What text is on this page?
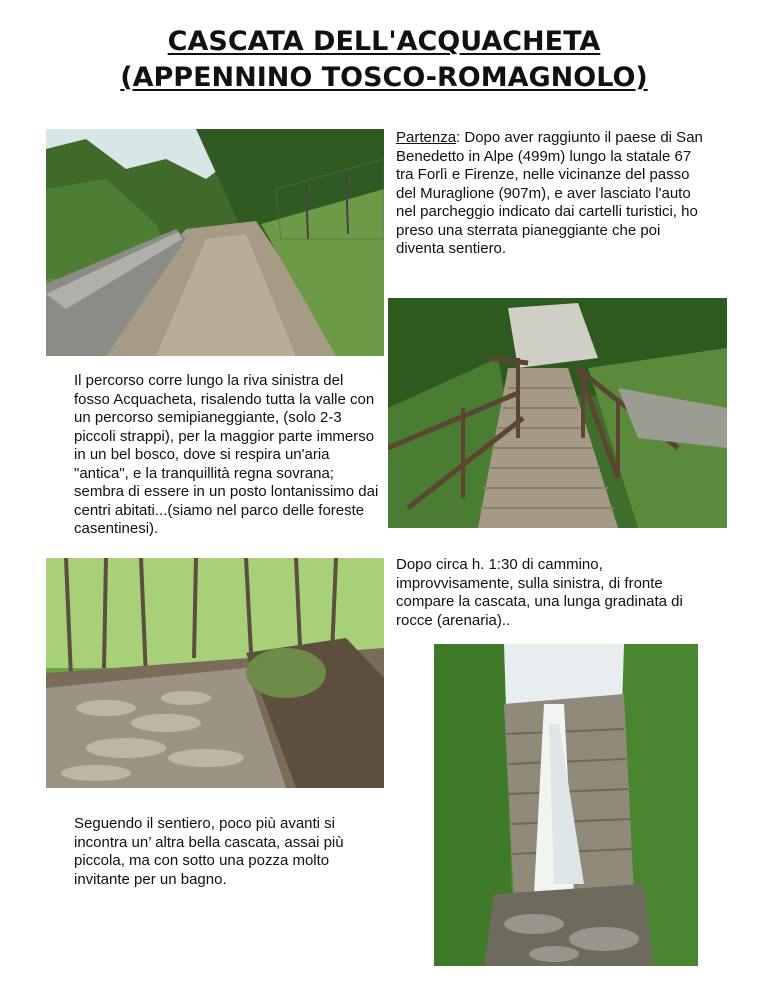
CASCATA DELL'ACQUACHETA
(APPENNINO TOSCO-ROMAGNOLO)
Partenza: Dopo aver raggiunto il paese di San Benedetto in Alpe (499m) lungo la statale 67 tra Forlì e Firenze, nelle vicinanze del passo del Muraglione (907m), e aver lasciato l'auto nel parcheggio indicato dai cartelli turistici, ho preso una sterrata pianeggiante che poi diventa sentiero.
Il percorso corre lungo la riva sinistra del fosso Acquacheta, risalendo tutta la valle con un percorso semipianeggiante, (solo 2-3 piccoli strappi), per la maggior parte immerso in un bel bosco, dove si respira un'aria "antica", e la tranquillità regna sovrana; sembra di essere in un posto lontanissimo dai centri abitati...(siamo nel parco delle foreste casentinesi).
Dopo circa h. 1:30 di cammino, improvvisamente, sulla sinistra, di fronte compare la cascata, una lunga gradinata di rocce (arenaria)..
Seguendo il sentiero, poco più avanti si incontra un’ altra bella cascata, assai più piccola, ma con sotto una pozza molto invitante per un bagno.
